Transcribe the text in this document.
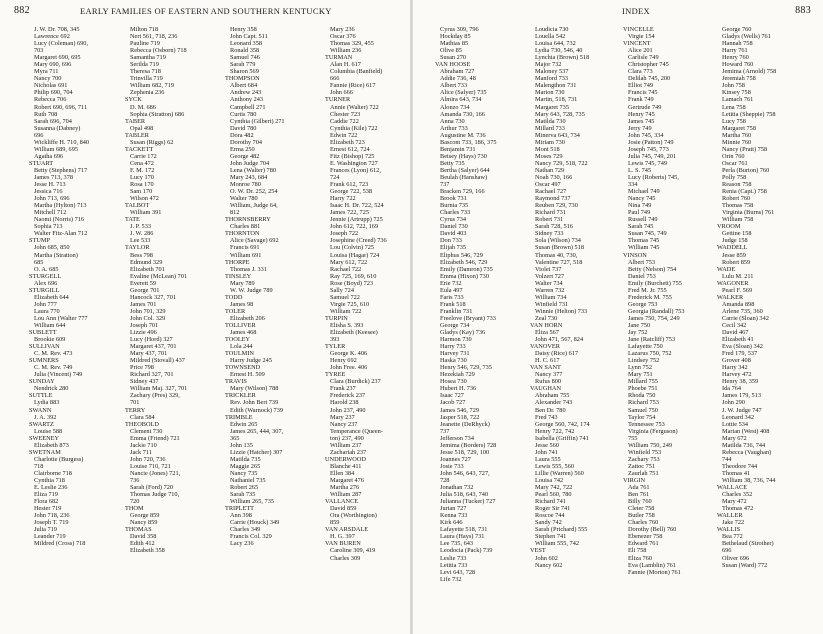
882	EARLY FAMILIES OF EASTERN AND SOUTHERN KENTUCKY	INDEX	883
J. W. Dr. 708, 345
Lawrence 692
Lucy (Coleman) 690,
703
Margaret 690, 695
Mary 690, 696
Myra 711
Nancy 700
Nicholas 691
Philip 690, 704
Rebecca 706
Robert 690, 696, 711
Ruth 708
Sarah 696, 704
Susanna (Dabney)
696
Wickliffe H. 710, 840
William 689, 695
Agatha 696
STUART
Betty (Stephens) 717
James 713, 378
Jesse H. 713
Jessica 716
John 713, 696
Martha (Hylton) 713
Mitchell 712
Naomi (Norris) 716
Sophia 713
Walter Fitz-Alan 712
STUMP
John 685, 850
Martha (Stratton)
685
O. A. 685
STURGELL
Alex 696
STURGILL
Elizabeth 644
John 777
Laura 770
Lou Ann (Walter 777
William 644
SUBLETT
Brookie 609
SULLIVAN
C. M. Rev. 473
SUMNERS
C. M. Rev. 749
Julia (Vincent) 749
SUNDAY
Nendrick 280
SUTTLE
Lydia 883
SWANN
J. A. 392
SWARTZ
Louise 588
SWEENEY
Elizabeth 873
SWETNAM
Charlotte (Burgess)
718
Clairborne 718
Cynthia 718
E. Leslie 236
Eliza 719
Flora 682
Hester 719
John 718, 236
Joseph T. 719
Julia 719
Leander 719
Mildred (Cross) 718
Milton 718
Nert 561, 718, 236
Pauline 719
Rebecca (Osborn) 718
Samantha 719
Serilda 719
Theresa 718
Trinvilla 719
William 682, 719
Zephenia 236
SYCK
D. M. 686
Sophia (Stratton) 686
TABER
Opal 498
TABLER
Susan (Riggs) 62
TACKETT
Carrie 172
Cena 472
F. M. 172
Lucy 170
Rosa 170
Sam 170
Wilson 472
TALBOT
William 391
TATE
J. P. 533
J. W. 286
Lee 533
TAYLOR
Bess 798
Edmund 329
Elizabeth 701
Evaline (McLean) 701
Everett 59
George 701
Hancock 327, 701
James 701
John 701, 329
John Col. 329
Joseph 701
Lizzie 496
Lucy (Hord) 327
Margaret 437, 701
Mary 437, 701
Mildred (Stovall) 437
Price 798
Richard 327, 701
Sidney 437
William Maj. 327, 701
Zachary (Pres) 329,
701
TERRY
Clara 584
THEOBOLD
Clement 730
Emma (Friend) 721
Jackie 710
Jack 711
John 720, 736
Louise 710, 721
Nancie (Jones) 721,
736
Sarah (Ford) 720
Thomas Judge 710,
720
THOM
George 859
Nancy 859
THOMAS
David 358
Edith 412
Elizabeth 358
Henry 358
John Capt. 511
Leonard 358
Ronald 358
Samuel 746
Sarah 779
Sharon 569
THOMPSON
Albert 684
Andrew 243
Anthony 243
Campbell 271
Curtis 780
Cynthia (Gilbert) 271
David 780
Dora 482
Dorothy 704
Erma 250
George 482
John Judge 704
Lena (Walter) 780
Mary 243, 684
Monroe 780
O. W. Dr. 252, 254
Walter 780
William, Judge 64,
812
THORNSBERRY
Charles 881
THORNTON
Alice (Savage) 692
Francis 691
William 691
THORPE
Thomas J. 331
TINSLEY
Mary 789
W. W. Judge 789
TODD
James 98
TOLER
Elizabeth 206
TOLLIVER
James 468
TOOLEY
Lola 244
TOULMIN
Harry Judge 245
TOWNSEND
Ernest H. 509
TRAVIS
Mary (Wilson) 788
TRICKLER
Rev. John Bert 739
Edith (Warnock) 739
TRIMBLE
Edwin 265
James 265, 444, 307,
365
John 135
Lizzie (Hatcher) 307
Matilda 735
Maggie 265
Nancy 735
Nathaniel 735
Robert 265
Sarah 735
William 265, 735
TRIPLETT
Ann 398
Carrie (Houck) 349
Charles 349
Francis Col. 329
Lacy 236
Mary 236
Oscar 376
Thomas 329, 455
William 236
TURMAN
Alan H. 617
Columbia (Banfield)
666
Fannie (Rice) 617
John 666
TURNER
Annie (Walter) 722
Chester 723
Caddie 722
Cynthia (Kile) 722
Edwin 722
Elizabeth 723
Ernest 612, 724
Fitz (Bishop) 725
E. Washington 727
Frances (Lyon) 612,
724
Frank 612, 723
George 722, 538
Harry 722
Isaac H. Dr. 722, 524
James 722, 725
Jennie (Artrupp) 725
John 612, 722, 169
Joseph 722
Josephine (Creed) 736
Lou (Colvin) 725
Louisa (Hagar) 724
Mary 612, 722
Rachael 722
Ray 725, 169, 610
Rose (Boyd) 723
Sally 724
Samuel 722
Virgie 725, 610
William 722
TURPIN
Elisha S. 393
Elizabeth (Keesee)
393
TYLER
George K. 406
Henry 692
John Free. 406
TYREE
Clara (Burdick) 237
Frank 237
Frederick 237
Harold 238
John 237, 490
Mary 237
Nancy 237
Temperance (Queen-
ton) 237, 490
William 237
Zachariah 237
UNDERWOOD
Blanche 411
Ellen 384
Margaret 476
Martha 276
William 287
VALLANCE
David 859
Ora (Worthington)
859
VAN ARSDALE
H. G. 397
VAN BUREN
Caroline 309, 419
Charles 309
Cyrus 309, 796
Hockday 85
Mathias 85
Olive 85
Susan 270
VAN HOOSE
Abraham 727
Addie 736, 48
Albert 733
Alice (Salyer) 735
Almira 643, 734
Alonzo 734
Amanda 730, 166
Anna 730
Arthur 733
Augustine M. 736
Bascom 733, 186, 375
Benjamin 731
Betsey (Hays) 730
Betty 735
Bertha (Salyer) 644
Beulah (Hanshaw)
737
Bracken 729, 166
Brook 731
Burnia 735
Charles 733
Cyrus 734
Daniel 730
David 403
Don 733
Elijah 735
Eliphus 546, 729
Elizabeth 546, 729
Emily (Damron) 735
Emma (Hixon) 730
Erie 732
Eula 497
Faris 733
Frank 518
Franklin 731
Freelove (Bryant) 733
George 734
Gladys (Kay) 736
Harmon 730
Harry 733
Harvey 731
Haska 730
Henry 546, 729, 735
Hezekiah 729
Hosea 730
Hubert H. 736
Isaac 727
Jacob 727
James 546, 729
Jasper 518, 722
Jeanette (DeRhyck)
737
Jefferson 734
Jemima (Borders) 728
Jesse 518, 729, 100
Joannes 727
Josie 733
John 546, 643, 727,
728
Jonathan 732
Julia 518, 643, 740
Julianna (Tucker) 727
Jurian 727
Kenna 733
Kirk 646
Lafayette 518, 731
Laura (Hays) 731
Lee 735, 643
Leodocia (Pack) 739
Leslie 733
Letitia 733
Levi 643, 728
Life 732
Loudicia 730
Louella 542
Louisa 644, 732
Lydia 730, 546, 40
Lynchia (Brown) 518
Major 732
Maloney 537
Manford 733
Malengthon 731
Marion 730
Martin, 518, 731
Margaret 735
Mary 643, 728, 735
Matilda 730
Millard 733
Minerva 643, 734
Miriam 730
Mont 518
Moses 729
Nancy 729, 518, 722
Nathan 729
Noah 730, 166
Oscar 497
Rachael 727
Raymond 737
Reuben 729, 730
Richard 731
Robert 731
Sarah 728, 516
Sidney 733
Sola (Wilson) 734
Susan (Brown) 518
Thomas 40, 730,
Valentine 727, 518
Violet 737
Volzert 727
Walter 734
Warren 732
William 734
Winfield 731
Winnie (Helton) 733
Zeal 730
VAN HORN
Eliza 567
John 471, 567, 824
VANOVER
Daisy (Rice) 617
H. C. 617
VAN SANT
Nancy 377
Rufus 800
VAUGHAN
Abraham 755
Alexander 743
Ben Dr. 780
Fred 743
George 560, 742, 174
Henry 722, 742
Isabella (Griffin) 741
Jesse 560
John 741
Laura 555
Lewis 555, 560
Lillie (Warren) 560
Louisa 742
Mary 742, 722
Pearl 560, 780
Richard 741
Roger Sir 741
Roscoe 744
Sandy 742
Sarah (Prichard) 555
Stephen 741
William 555, 742
VEST
John 602
Nancy 602
VINCELLE
Virgie 154
VINCENT
Alice 201
Carlisle 749
Christopher 745
Clara 773
Delilah 745, 200
Elliot 749
Francis 745
Frank 749
Gertrude 749
Henry 745
James 745
Jerry 749
John 745, 334
Josie (Patton) 749
Joseph 745, 773
Julia 745, 749, 201
Lewis 745, 749
L. S. 745
Lucy (Roberts) 745,
334
Michael 749
Nancy 745
Nina 749
Paul 749
Russell 749
Sarah 745
Susan 745, 749
Thomas 745
William 745
VINSON
Albert 753
Betty (Nelson) 754
Daniel 753
Emily (Burchett) 755
Fred M. Jr. 755
Frederick M. 755
George 753
Georgia (Randall) 753
James 750, 754, 249
Jane 750
Jay 752
Jane (Ratcliff) 753
Lafayette 750
Lazarus 750, 752
Lindsey 752
Lynn 752
Mary 751
Millard 755
Phoebe 751
Rhoda 750
Richard 753
Samuel 750
Taylor 754
Tennessee 753
Virginia (Ferguson)
755
William 750, 249
Winfield 753
Zachary 753
Zattoc 751
Zaurlah 751
VIRGIN
Ada 761
Ben 761
Billy 760
Cleter 758
Butler 758
Charles 760
Dorothy (Bell) 760
Ebenezer 758
Edward 761
Eli 758
Eliza 760
Eva (Lamblin) 761
Fannie (Morton) 761
George 760
Gladys (Wells) 761
Hannah 758
Harry 761
Henry 760
Howard 760
Jemima (Arnold) 758
Jeremiah 758
John 758
Kinsey 758
Lamach 761
Lena 758
Letitia (Sheppie) 758
Lucy 758
Margaret 758
Martha 760
Minnie 760
Nancy (Pratt) 758
Orin 760
Oscar 761
Perla (Burton) 760
Polly 758
Reason 758
Renia (Capt.) 758
Robert 760
Thomas 758
Virginia (Burns) 761
William 758
VROOM
Gettine 158
Judge 158
WADDELL
Jesse 859
Robert 859
WADE
Lulu M. 211
WAGONER
Pearl F. 569
WALKER
Amanda 898
Arlene 735, 360
Carrie (Sloan) 342
Cecil 342
David 467
Elizabeth 41
Eva (Sloan) 342
Fred 179, 537
Grover 408
Harry 342
Harvey 472
Henry 38, 359
Ida 764
James 179, 513
John 290
J. W. Judge 747
Leonard 342
Lottie 534
Marian (West) 408
Mary 672
Matilda 736, 744
Rebecca (Vaughan)
744
Theodore 744
Thomas 41
William 38, 736, 744
WALLACE
Charles 352
Mary 472
Thomas 472
WALLER
Jake 722
WALLIS
Bea 772
Bethelaud (Strother)
696
Oliver 696
Susan (Ward) 772
